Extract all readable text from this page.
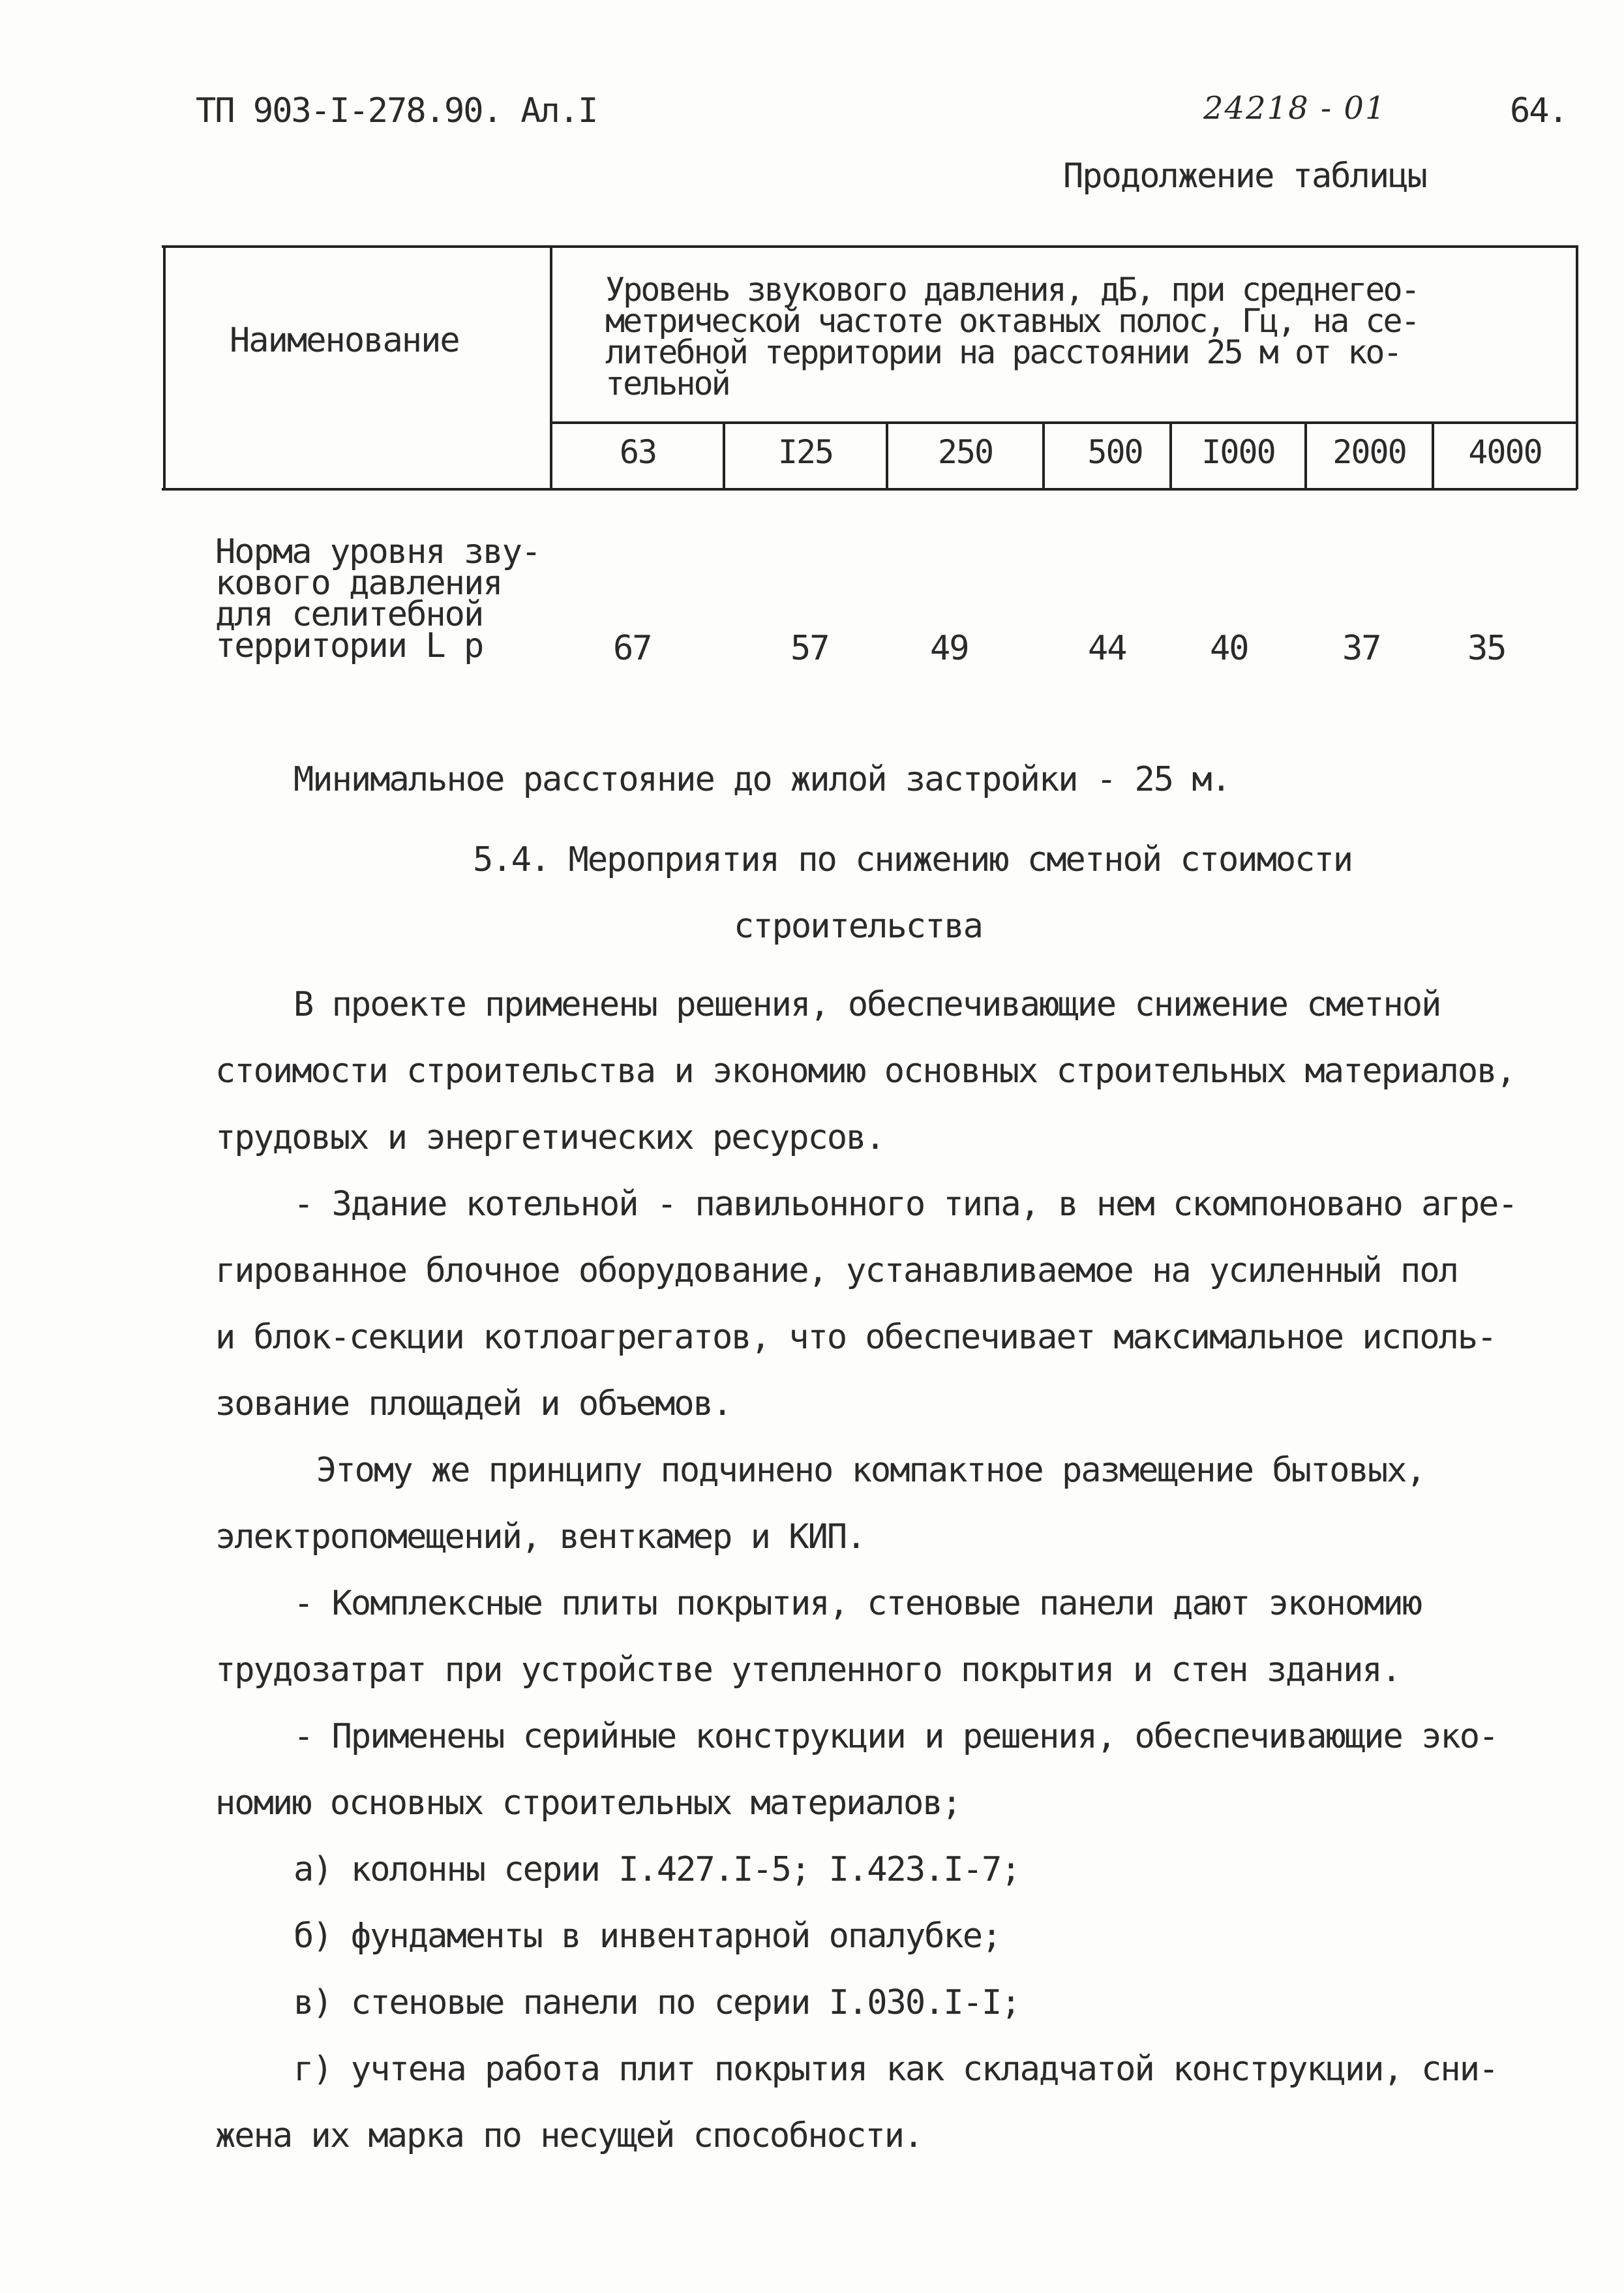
ТП 903-I-278.90. Ал.I	24218 - 01	64.
Продолжение таблицы
Наименование
Уровень звукового давления, дБ, при среднегео-
метрической частоте октавных полос, Гц, на се-
литебной территории на расстоянии 25 м от ко-
тельной
63	I25	250	500	I000	2000	4000
Норма уровня зву-
кового давления
для селитебной
территории L р	67	57	49	44 40	37	35
Минимальное расстояние до жилой застройки - 25 м.
5.4. Мероприятия по снижению сметной стоимости
строительства
В проекте применены решения, обеспечивающие снижение сметной
стоимости строительства и экономию основных строительных материалов,
трудовых и энергетических ресурсов.
- Здание котельной - павильонного типа, в нем скомпоновано агре-
гированное блочное оборудование, устанавливаемое на усиленный пол
и блок-секции котлоагрегатов, что обеспечивает максимальное исполь-
зование площадей и объемов.
Этому же принципу подчинено компактное размещение бытовых,
электропомещений, венткамер и КИП.
- Комплексные плиты покрытия, стеновые панели дают экономию
трудозатрат при устройстве утепленного покрытия и стен здания.
- Применены серийные конструкции и решения, обеспечивающие эко-
номию основных строительных материалов;
а) колонны серии I.427.I-5; I.423.I-7;
б) фундаменты в инвентарной опалубке;
в) стеновые панели по серии I.030.I-I;
г) учтена работа плит покрытия как складчатой конструкции, сни-
жена их марка по несущей способности.
